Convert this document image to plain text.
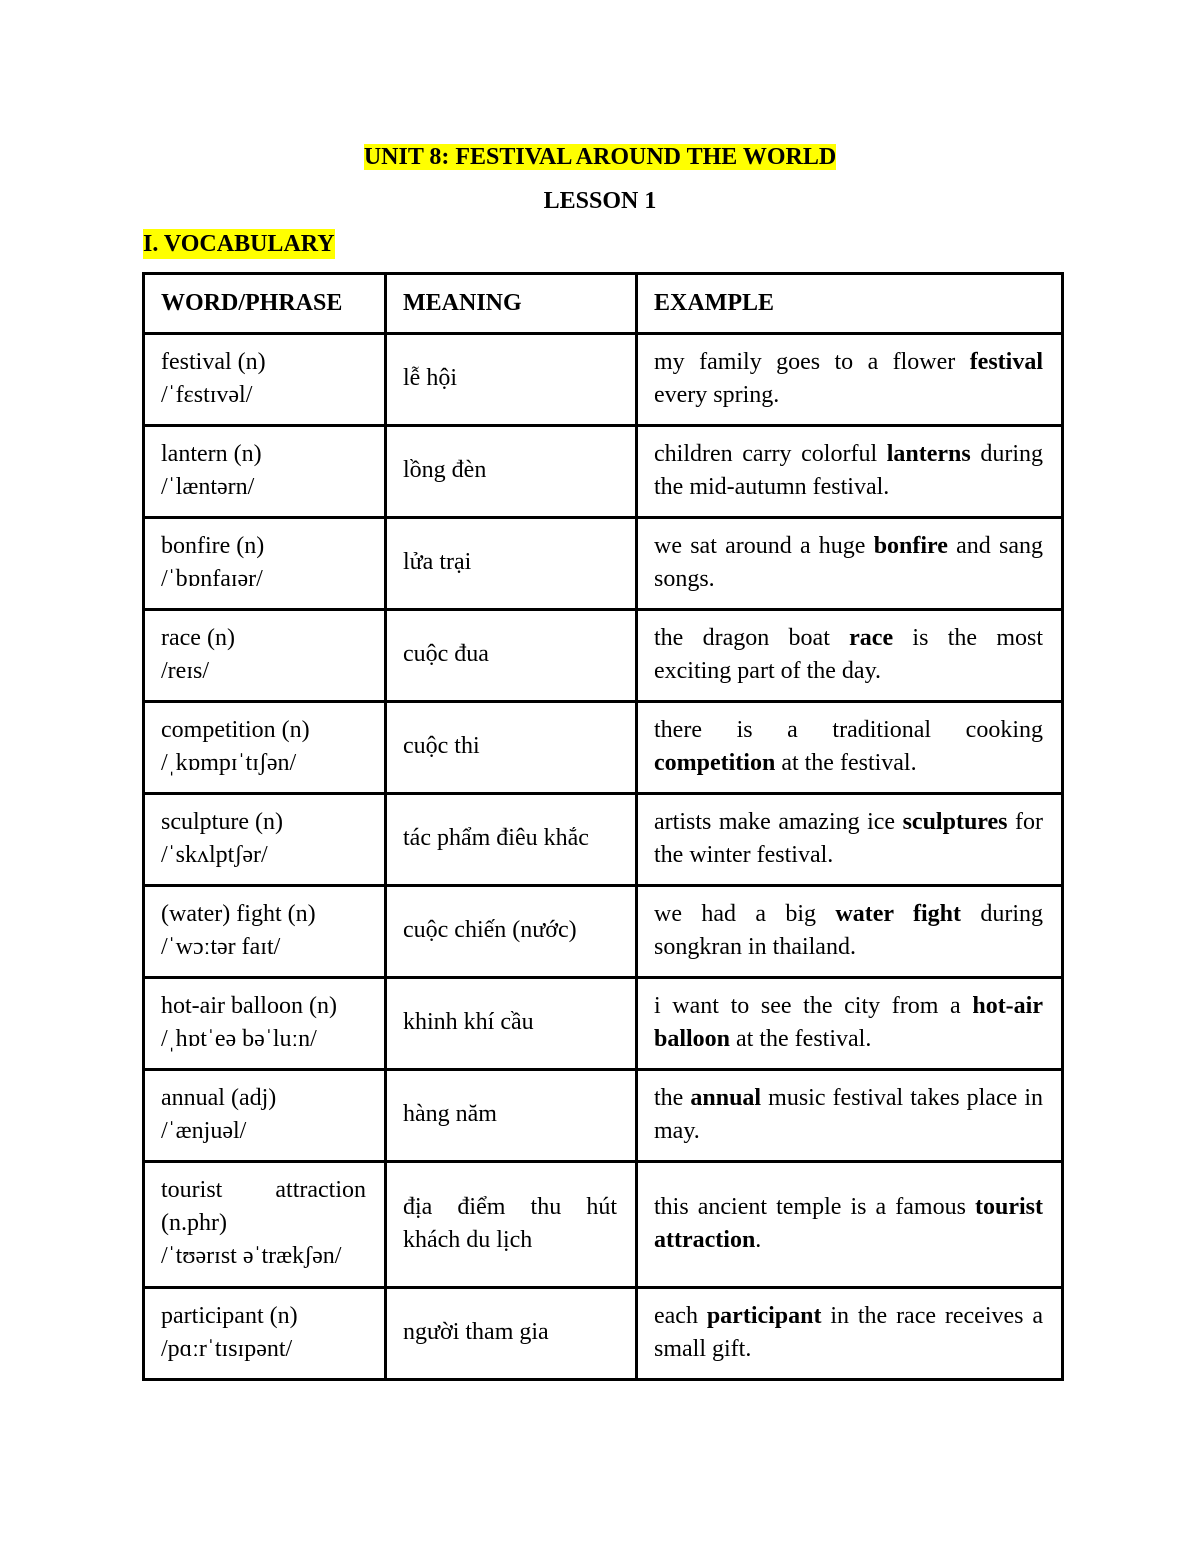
UNIT 8: FESTIVAL AROUND THE WORLD
LESSON 1
I. VOCABULARY
WORD/PHRASE	MEANING	EXAMPLE

festival (n)
/ˈfɛstɪvəl/	lễ hội	my family goes to a flower festival every spring.

lantern (n)
/ˈlæntərn/	lồng đèn	children carry colorful lanterns during the mid-autumn festival.

bonfire (n)
/ˈbɒnfaɪər/	lửa trại	we sat around a huge bonfire and sang songs.

race (n)
/reɪs/	cuộc đua	the dragon boat race is the most exciting part of the day.

competition (n)
/ˌkɒmpɪˈtɪʃən/	cuộc thi	there is a traditional cooking competition at the festival.

sculpture (n)
/ˈskʌlptʃər/	tác phẩm điêu khắc	artists make amazing ice sculptures for the winter festival.

(water) fight (n)
/ˈwɔːtər faɪt/	cuộc chiến (nước)	we had a big water fight during songkran in thailand.

hot-air balloon (n)
/ˌhɒtˈeə bəˈluːn/	khinh khí cầu	i want to see the city from a hot-air balloon at the festival.

annual (adj)
/ˈænjuəl/	hàng năm	the annual music festival takes place in may.

tourist attraction (n.phr)
/ˈtʊərɪst əˈtrækʃən/	địa điểm thu hút khách du lịch	this ancient temple is a famous tourist attraction.

participant (n)
/pɑːrˈtɪsɪpənt/	người tham gia	each participant in the race receives a small gift.
